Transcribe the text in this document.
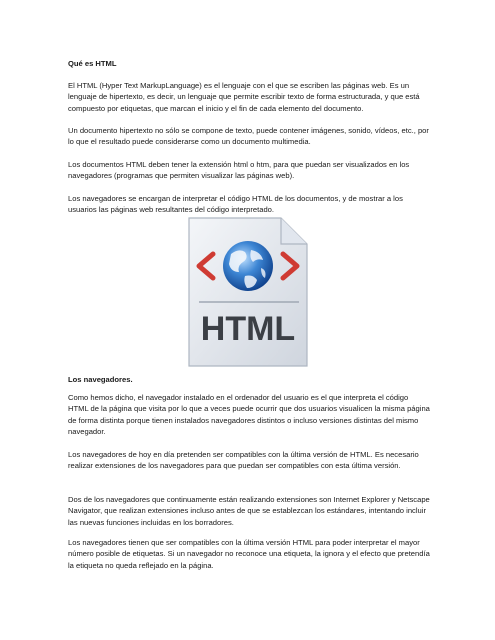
Qué es HTML

El HTML (Hyper Text MarkupLanguage) es el lenguaje con el que se escriben las páginas web. Es un lenguaje de hipertexto, es decir, un lenguaje que permite escribir texto de forma estructurada, y que está compuesto por etiquetas, que marcan el inicio y el fin de cada elemento del documento.

Un documento hipertexto no sólo se compone de texto, puede contener imágenes, sonido, vídeos, etc., por lo que el resultado puede considerarse como un documento multimedia.

Los documentos HTML deben tener la extensión html o htm, para que puedan ser visualizados en los navegadores (programas que permiten visualizar las páginas web).

Los navegadores se encargan de interpretar el código HTML de los documentos, y de mostrar a los usuarios las páginas web resultantes del código interpretado.

HTML

Los navegadores.

Como hemos dicho, el navegador instalado en el ordenador del usuario es el que interpreta el código HTML de la página que visita por lo que a veces puede ocurrir que dos usuarios visualicen la misma página de forma distinta porque tienen instalados navegadores distintos o incluso versiones distintas del mismo navegador.

Los navegadores de hoy en día pretenden ser compatibles con la última versión de HTML. Es necesario realizar extensiones de los navegadores para que puedan ser compatibles con esta última versión.

Dos de los navegadores que continuamente están realizando extensiones son Internet Explorer y Netscape Navigator, que realizan extensiones incluso antes de que se establezcan los estándares, intentando incluir las nuevas funciones incluidas en los borradores.

Los navegadores tienen que ser compatibles con la última versión HTML para poder interpretar el mayor número posible de etiquetas. Si un navegador no reconoce una etiqueta, la ignora y el efecto que pretendía la etiqueta no queda reflejado en la página.
